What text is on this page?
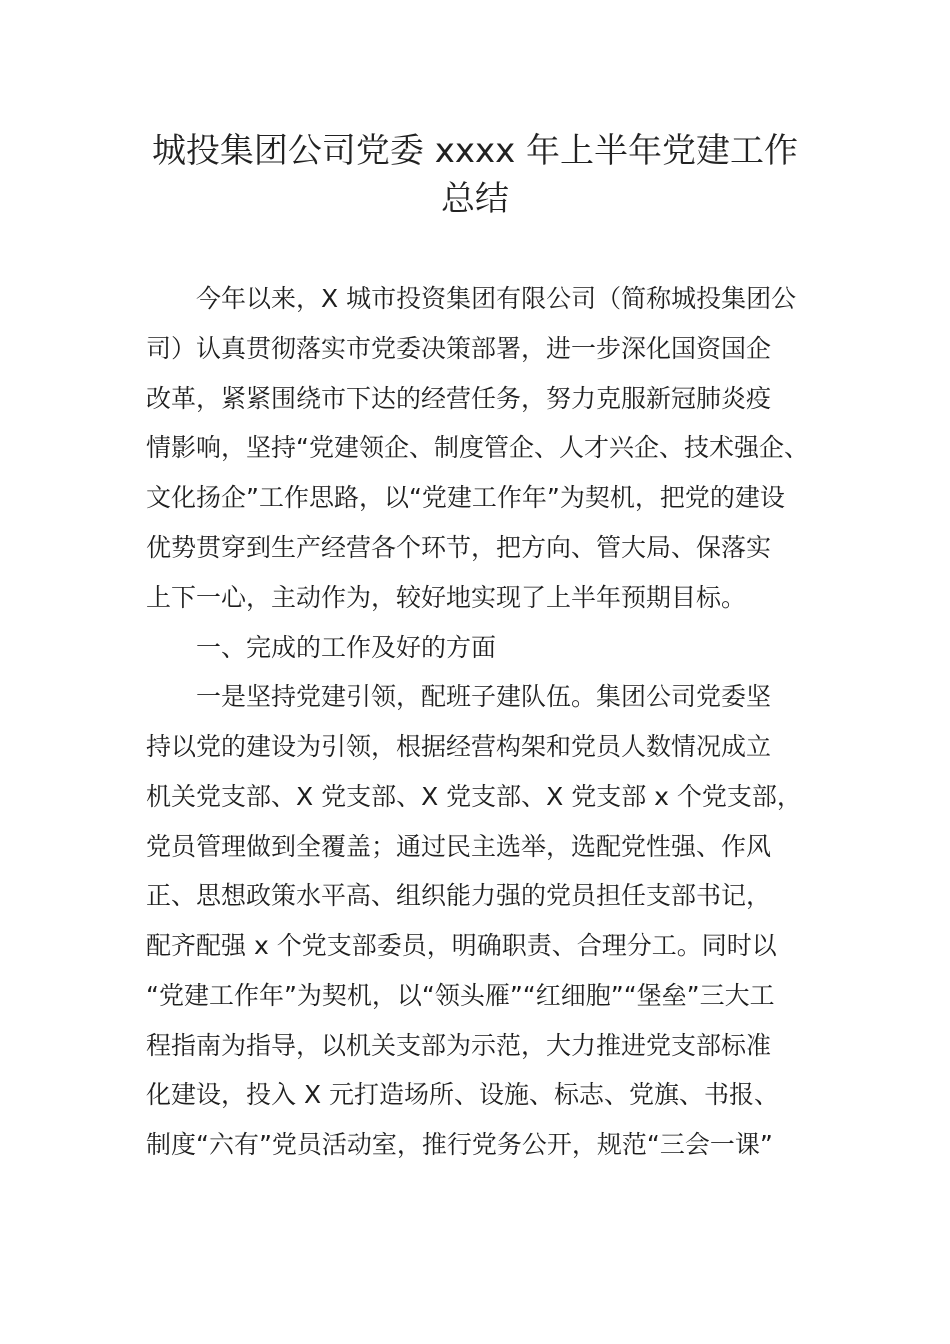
城投集团公司党委 xxxx 年上半年党建工作
总结
今年以来，X 城市投资集团有限公司（简称城投集团公
司）认真贯彻落实市党委决策部署，进一步深化国资国企
改革，紧紧围绕市下达的经营任务，努力克服新冠肺炎疫
情影响，坚持“党建领企、制度管企、人才兴企、技术强企、
文化扬企”工作思路，以“党建工作年”为契机，把党的建设
优势贯穿到生产经营各个环节，把方向、管大局、保落实
上下一心，主动作为，较好地实现了上半年预期目标。
一、完成的工作及好的方面
一是坚持党建引领，配班子建队伍。集团公司党委坚
持以党的建设为引领，根据经营构架和党员人数情况成立
机关党支部、X 党支部、X 党支部、X 党支部 x 个党支部，
党员管理做到全覆盖；通过民主选举，选配党性强、作风
正、思想政策水平高、组织能力强的党员担任支部书记，
配齐配强 x 个党支部委员，明确职责、合理分工。同时以
“党建工作年”为契机，以“领头雁”“红细胞”“堡垒”三大工
程指南为指导，以机关支部为示范，大力推进党支部标准
化建设，投入 X 元打造场所、设施、标志、党旗、书报、
制度“六有”党员活动室，推行党务公开，规范“三会一课”
